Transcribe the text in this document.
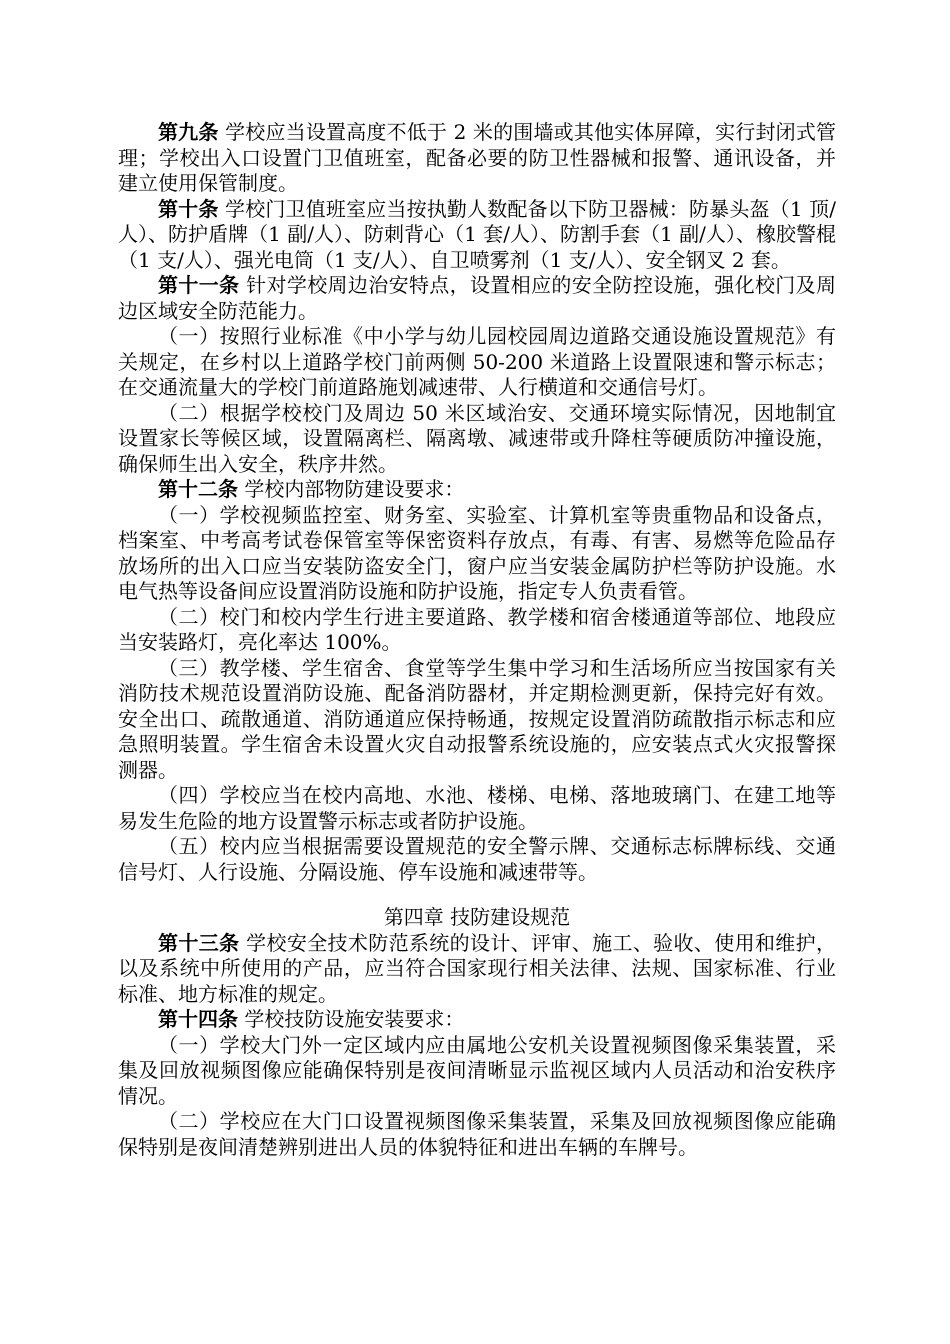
第九条 学校应当设置高度不低于 2 米的围墙或其他实体屏障，实行封闭式管理；学校出入口设置门卫值班室，配备必要的防卫性器械和报警、通讯设备，并建立使用保管制度。

第十条 学校门卫值班室应当按执勤人数配备以下防卫器械：防暴头盔（1 顶/人）、防护盾牌（1 副/人）、防刺背心（1 套/人）、防割手套（1 副/人）、橡胶警棍（1 支/人）、强光电筒（1 支/人）、自卫喷雾剂（1 支/人）、安全钢叉 2 套。

第十一条 针对学校周边治安特点，设置相应的安全防控设施，强化校门及周边区域安全防范能力。

（一）按照行业标准《中小学与幼儿园校园周边道路交通设施设置规范》有关规定，在乡村以上道路学校门前两侧 50-200 米道路上设置限速和警示标志；在交通流量大的学校门前道路施划减速带、人行横道和交通信号灯。

（二）根据学校校门及周边 50 米区域治安、交通环境实际情况，因地制宜设置家长等候区域，设置隔离栏、隔离墩、减速带或升降柱等硬质防冲撞设施，确保师生出入安全，秩序井然。

第十二条 学校内部物防建设要求：

（一）学校视频监控室、财务室、实验室、计算机室等贵重物品和设备点，档案室、中考高考试卷保管室等保密资料存放点，有毒、有害、易燃等危险品存放场所的出入口应当安装防盗安全门，窗户应当安装金属防护栏等防护设施。水电气热等设备间应设置消防设施和防护设施，指定专人负责看管。

（二）校门和校内学生行进主要道路、教学楼和宿舍楼通道等部位、地段应当安装路灯，亮化率达 100%。

（三）教学楼、学生宿舍、食堂等学生集中学习和生活场所应当按国家有关消防技术规范设置消防设施、配备消防器材，并定期检测更新，保持完好有效。安全出口、疏散通道、消防通道应保持畅通，按规定设置消防疏散指示标志和应急照明装置。学生宿舍未设置火灾自动报警系统设施的，应安装点式火灾报警探测器。

（四）学校应当在校内高地、水池、楼梯、电梯、落地玻璃门、在建工地等易发生危险的地方设置警示标志或者防护设施。

（五）校内应当根据需要设置规范的安全警示牌、交通标志标牌标线、交通信号灯、人行设施、分隔设施、停车设施和减速带等。

第四章 技防建设规范

第十三条 学校安全技术防范系统的设计、评审、施工、验收、使用和维护，以及系统中所使用的产品，应当符合国家现行相关法律、法规、国家标准、行业标准、地方标准的规定。

第十四条 学校技防设施安装要求：

（一）学校大门外一定区域内应由属地公安机关设置视频图像采集装置，采集及回放视频图像应能确保特别是夜间清晰显示监视区域内人员活动和治安秩序情况。

（二）学校应在大门口设置视频图像采集装置，采集及回放视频图像应能确保特别是夜间清楚辨别进出人员的体貌特征和进出车辆的车牌号。
